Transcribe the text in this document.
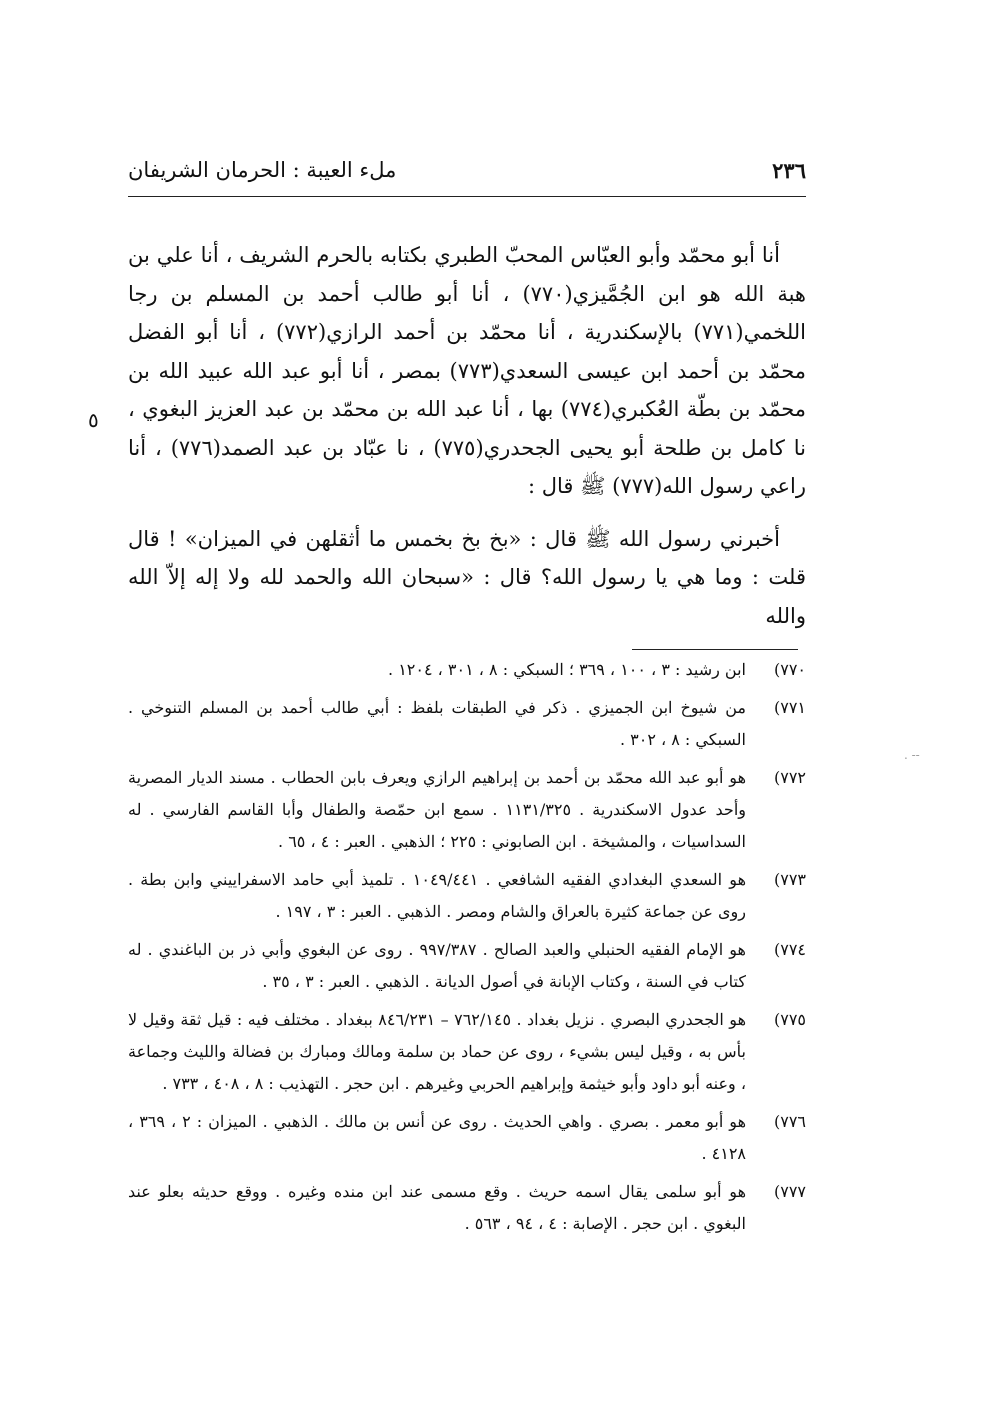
٢٣٦
ملء العيبة : الحرمان الشريفان

أنا أبو محمّد وأبو العبّاس المحبّ الطبري بكتابه بالحرم الشريف ، أنا علي بن هبة الله هو ابن الجُمَّيزي(٧٧٠) ، أنا أبو طالب أحمد بن المسلم بن رجا اللخمي(٧٧١) بالإسكندرية ، أنا محمّد بن أحمد الرازي(٧٧٢) ، أنا أبو الفضل محمّد بن أحمد ابن عيسى السعدي(٧٧٣) بمصر ، أنا أبو عبد الله عبيد الله بن محمّد بن بطّة العُكبري(٧٧٤) بها ، أنا عبد الله بن محمّد بن عبد العزيز البغوي ، نا كامل بن طلحة أبو يحيى الجحدري(٧٧٥) ، نا عبّاد بن عبد الصمد(٧٧٦) ، أنا راعي رسول الله(٧٧٧) ﷺ قال :

أخبرني رسول الله ﷺ قال : «بخ بخ بخمس ما أثقلهن في الميزان» ! قال قلت : وما هي يا رسول الله؟ قال : «سبحان الله والحمد لله ولا إله إلاّ الله والله

٥
٧٧٠)
ابن رشيد : ٣ ، ١٠٠ ، ٣٦٩ ؛ السبكي : ٨ ، ٣٠١ ، ١٢٠٤ .
٧٧١)
من شيوخ ابن الجميزي . ذكر في الطبقات بلفظ : أبي طالب أحمد بن المسلم التنوخي . السبكي : ٨ ، ٣٠٢ .
٧٧٢)
هو أبو عبد الله محمّد بن أحمد بن إبراهيم الرازي ويعرف بابن الحطاب . مسند الديار المصرية وأحد عدول الاسكندرية . ١١٣١/٣٢٥ . سمع ابن حمّصة والطفال وأبا القاسم الفارسي . له السداسيات ، والمشيخة . ابن الصابوني : ٢٢٥ ؛ الذهبي . العبر : ٤ ، ٦٥ .
٧٧٣)
هو السعدي البغدادي الفقيه الشافعي . ١٠٤٩/٤٤١ . تلميذ أبي حامد الاسفراييني وابن بطة . روى عن جماعة كثيرة بالعراق والشام ومصر . الذهبي . العبر : ٣ ، ١٩٧ .
٧٧٤)
هو الإمام الفقيه الحنبلي والعبد الصالح . ٩٩٧/٣٨٧ . روى عن البغوي وأبي ذر بن الباغندي . له كتاب في السنة ، وكتاب الإبانة في أصول الديانة . الذهبي . العبر : ٣ ، ٣٥ .
٧٧٥)
هو الجحدري البصري . نزيل بغداد . ٧٦٢/١٤٥ – ٨٤٦/٢٣١ ببغداد . مختلف فيه : قيل ثقة وقيل لا بأس به ، وقيل ليس بشيء ، روى عن حماد بن سلمة ومالك ومبارك بن فضالة والليث وجماعة ، وعنه أبو داود وأبو خيثمة وإبراهيم الحربي وغيرهم . ابن حجر . التهذيب : ٨ ، ٤٠٨ ، ٧٣٣ .
٧٧٦)
هو أبو معمر . بصري . واهي الحديث . روى عن أنس بن مالك . الذهبي . الميزان : ٢ ، ٣٦٩ ، ٤١٢٨ .
٧٧٧)
هو أبو سلمى يقال اسمه حريث . وقع مسمى عند ابن منده وغيره . ووقع حديثه بعلو عند البغوي . ابن حجر . الإصابة : ٤ ، ٩٤ ، ٥٦٣ .
-- .
